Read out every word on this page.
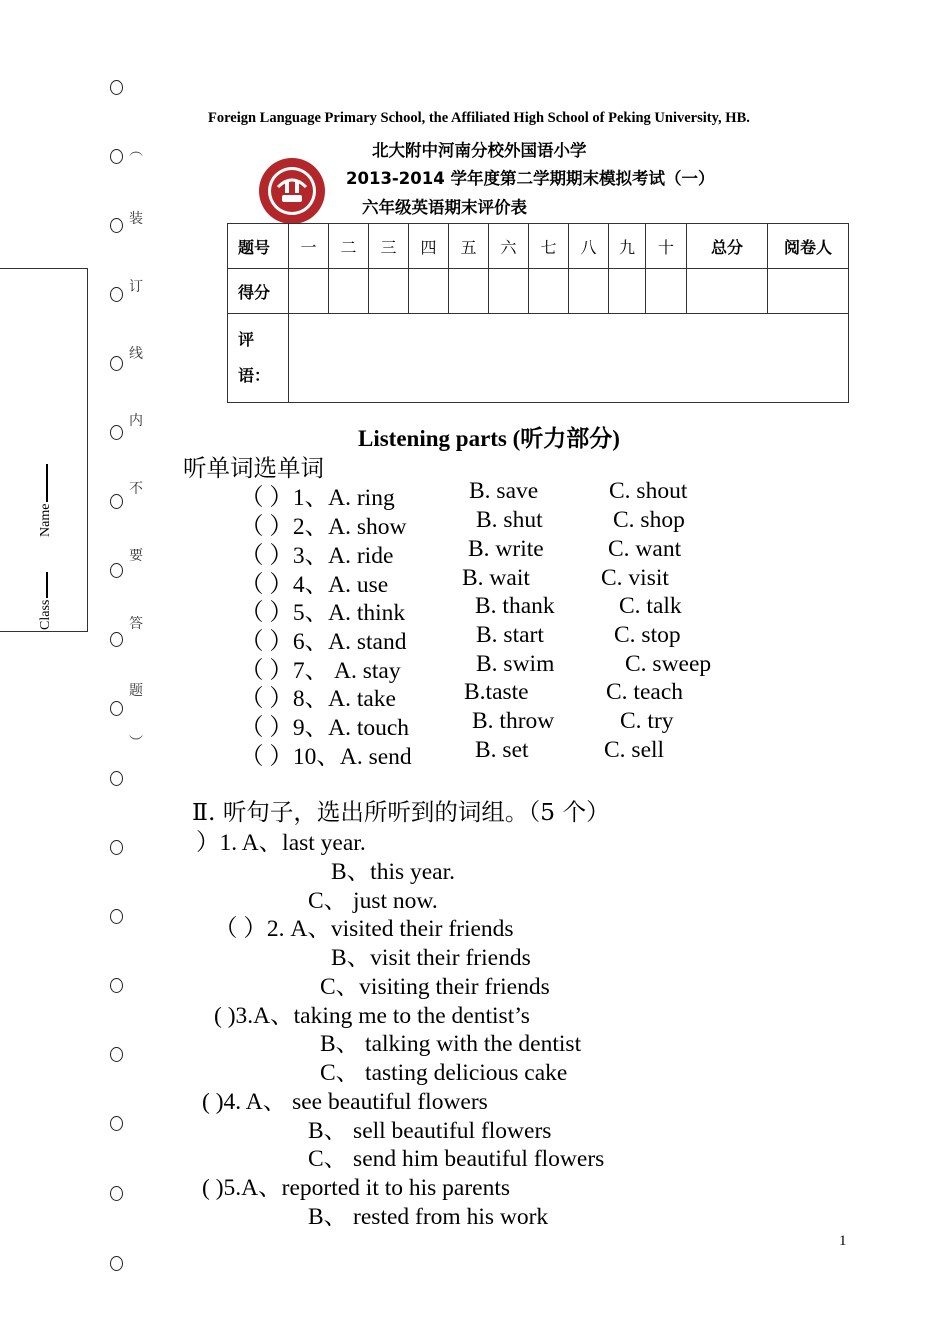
︵
装
订
线
内
不
要
答
题
︶
Class
Name
Foreign Language Primary School, the Affiliated High School of Peking University, HB.
北大附中河南分校外国语小学
2013-2014 学年度第二学期期末模拟考试（一）
六年级英语期末评价表
题号	一	二	三	四	五	六	七	八	九	十	总分	阅卷人
得分												
评
语：												
Listening parts (听力部分)
听单词选单词
（ ）1、A. ring	B. save	C. shout
（ ）2、A. show	B. shut	C. shop
（ ）3、A. ride	B. write	C. want
（ ）4、A. use	B. wait	C. visit
（ ）5、A. think	B. thank	C. talk
（ ）6、A. stand	B. start	C. stop
（ ）7、 A. stay	B. swim	C. sweep
（ ）8、A. take	B.taste	C. teach
（ ）9、A. touch	B. throw	C. try
（ ）10、A. send	B. set	C. sell
Ⅱ. 听句子，选出所听到的词组。（5 个）
）1. A、last year.
B、this year.
C、 just now.
（ ）2. A、visited their friends
B、visit their friends
C、visiting their friends
( )3.A、taking me to the dentist’s
B、 talking with the dentist
C、 tasting delicious cake
( )4. A、 see beautiful flowers
B、 sell beautiful flowers
C、 send him beautiful flowers
( )5.A、reported it to his parents
B、 rested from his work
1
